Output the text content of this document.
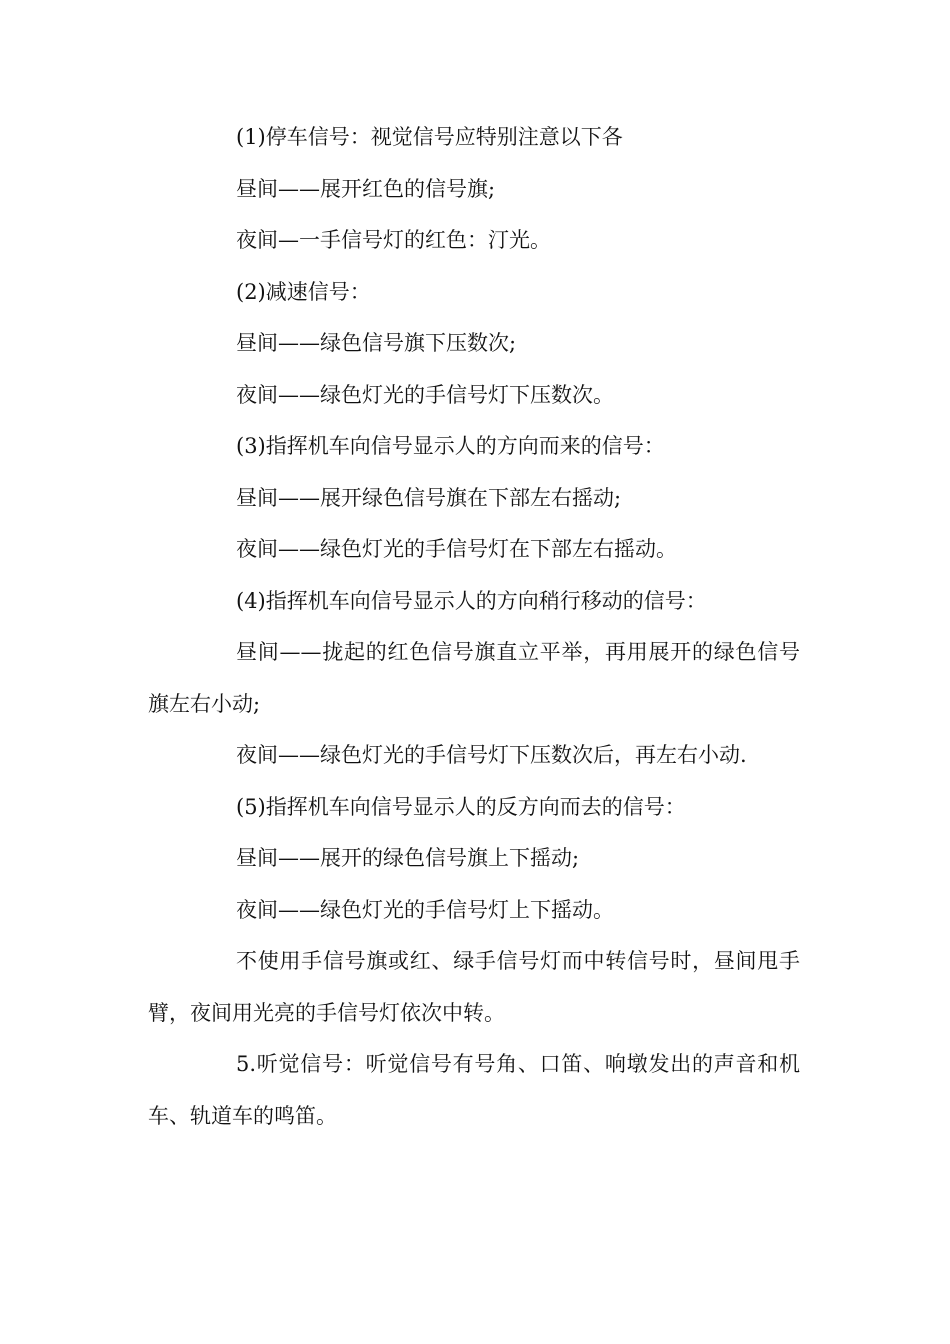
(1)停车信号：视觉信号应特别注意以下各

昼间——展开红色的信号旗;

夜间—一手信号灯的红色：汀光。

(2)减速信号：

昼间——绿色信号旗下压数次;

夜间——绿色灯光的手信号灯下压数次。

(3)指挥机车向信号显示人的方向而来的信号：

昼间——展开绿色信号旗在下部左右摇动;

夜间——绿色灯光的手信号灯在下部左右摇动。

(4)指挥机车向信号显示人的方向稍行移动的信号：

昼间——拢起的红色信号旗直立平举，再用展开的绿色信号旗左右小动;

夜间——绿色灯光的手信号灯下压数次后，再左右小动.

(5)指挥机车向信号显示人的反方向而去的信号：

昼间——展开的绿色信号旗上下摇动;

夜间——绿色灯光的手信号灯上下摇动。

不使用手信号旗或红、绿手信号灯而中转信号时，昼间甩手臂，夜间用光亮的手信号灯依次中转。

5.听觉信号：听觉信号有号角、口笛、响墩发出的声音和机车、轨道车的鸣笛。
